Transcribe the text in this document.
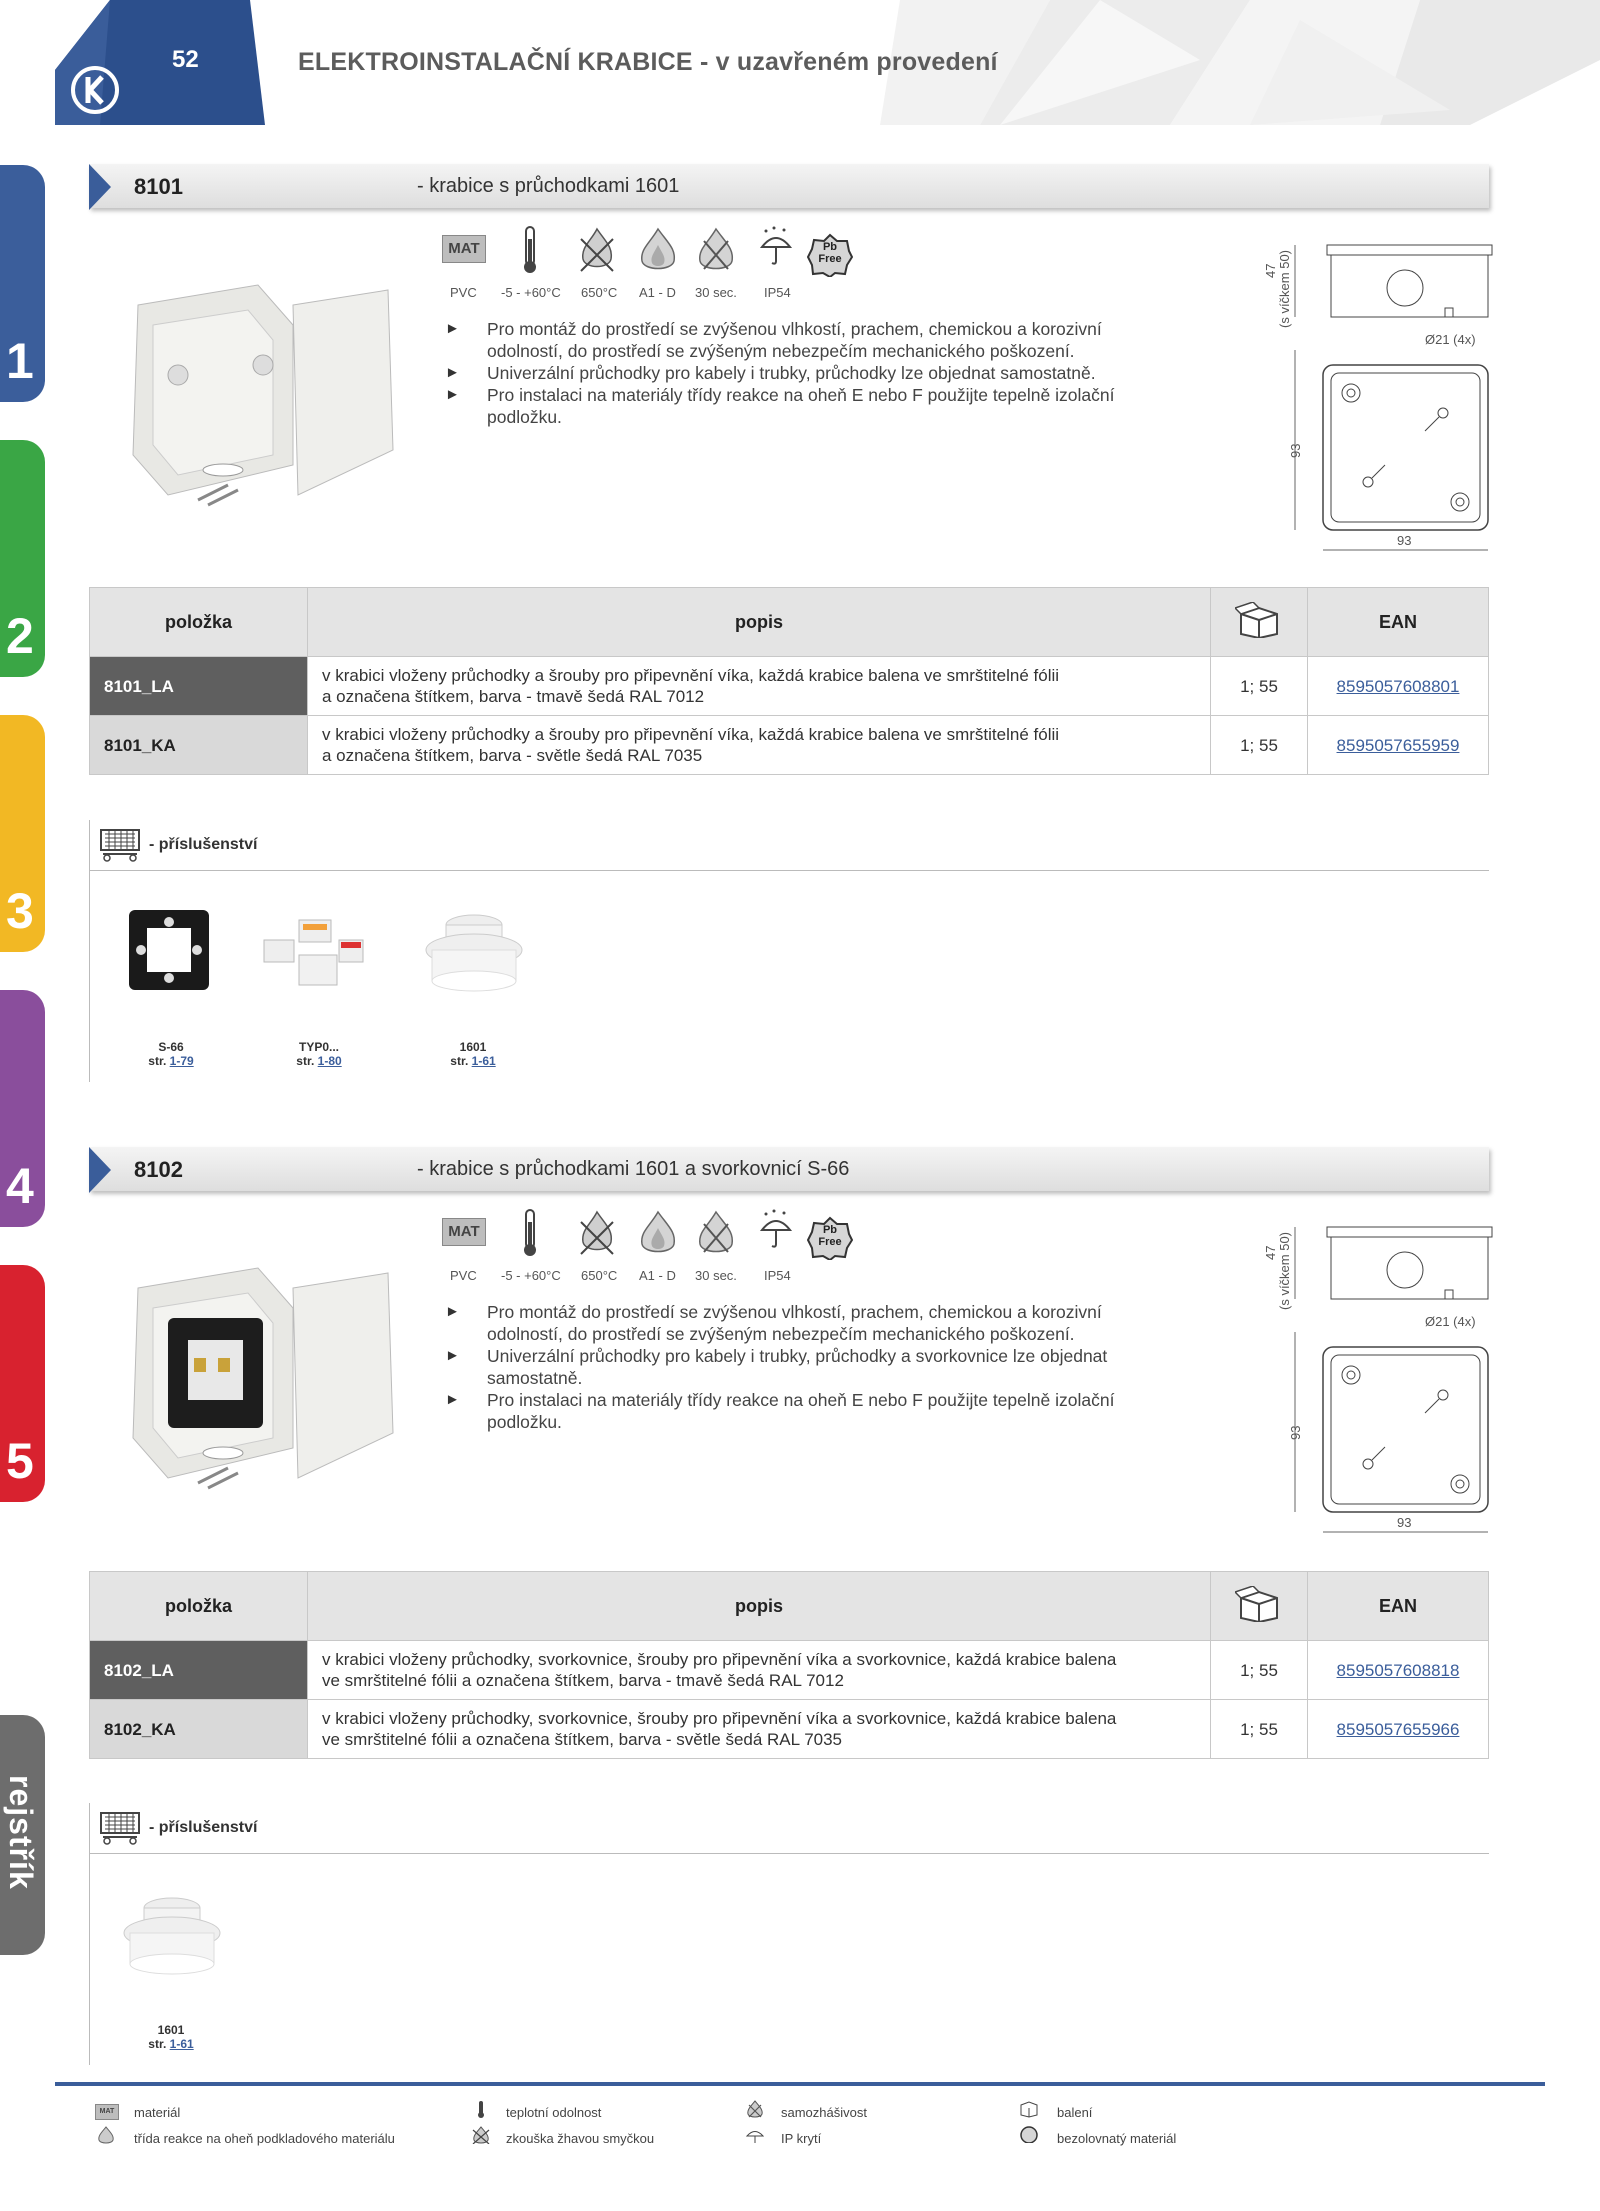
52	ELEKTROINSTALAČNÍ KRABICE - v uzavřeném provedení
1
2
3
4
5
rejstřík
8101	- krabice s průchodkami 1601
MAT	Pb
Free
PVC -5 - +60°C 650°C A1 - D 30 sec. IP54
► Pro montáž do prostředí se zvýšenou vlhkostí, prachem, chemickou a korozivní odolností, do prostředí se zvýšeným nebezpečím mechanického poškození.
► Univerzální průchodky pro kabely i trubky, průchodky lze objednat samostatně.
► Pro instalaci na materiály třídy reakce na oheň E nebo F použijte tepelně izolační podložku.
47 (s víčkem 50)
Ø21 (4x)
93
93
položka	popis		EAN
8101_LA	v krabici vloženy průchodky a šrouby pro připevnění víka, každá krabice balena ve smrštitelné fólii
a označena štítkem, barva - tmavě šedá RAL 7012	1; 55	8595057608801
8101_KA	v krabici vloženy průchodky a šrouby pro připevnění víka, každá krabice balena ve smrštitelné fólii
a označena štítkem, barva - světle šedá RAL 7035	1; 55	8595057655959
- příslušenství
S-66
str. 1-79
TYP0...
str. 1-80
1601
str. 1-61
8102	- krabice s průchodkami 1601 a svorkovnicí S-66
MAT	Pb
Free
PVC -5 - +60°C 650°C A1 - D 30 sec. IP54
► Pro montáž do prostředí se zvýšenou vlhkostí, prachem, chemickou a korozivní odolností, do prostředí se zvýšeným nebezpečím mechanického poškození.
► Univerzální průchodky pro kabely i trubky, průchodky a svorkovnice lze objednat samostatně.
► Pro instalaci na materiály třídy reakce na oheň E nebo F použijte tepelně izolační podložku.
47 (s víčkem 50)
Ø21 (4x)
93
93
položka	popis		EAN
8102_LA	v krabici vloženy průchodky, svorkovnice, šrouby pro připevnění víka a svorkovnice, každá krabice balena
ve smrštitelné fólii a označena štítkem, barva - tmavě šedá RAL 7012	1; 55	8595057608818
8102_KA	v krabici vloženy průchodky, svorkovnice, šrouby pro připevnění víka a svorkovnice, každá krabice balena
ve smrštitelné fólii a označena štítkem, barva - světle šedá RAL 7035	1; 55	8595057655966
- příslušenství
1601
str. 1-61
MAT	materiál	teplotní odolnost	samozhášivost	balení
třída reakce na oheň podkladového materiálu	zkouška žhavou smyčkou	IP krytí	bezolovnatý materiál
